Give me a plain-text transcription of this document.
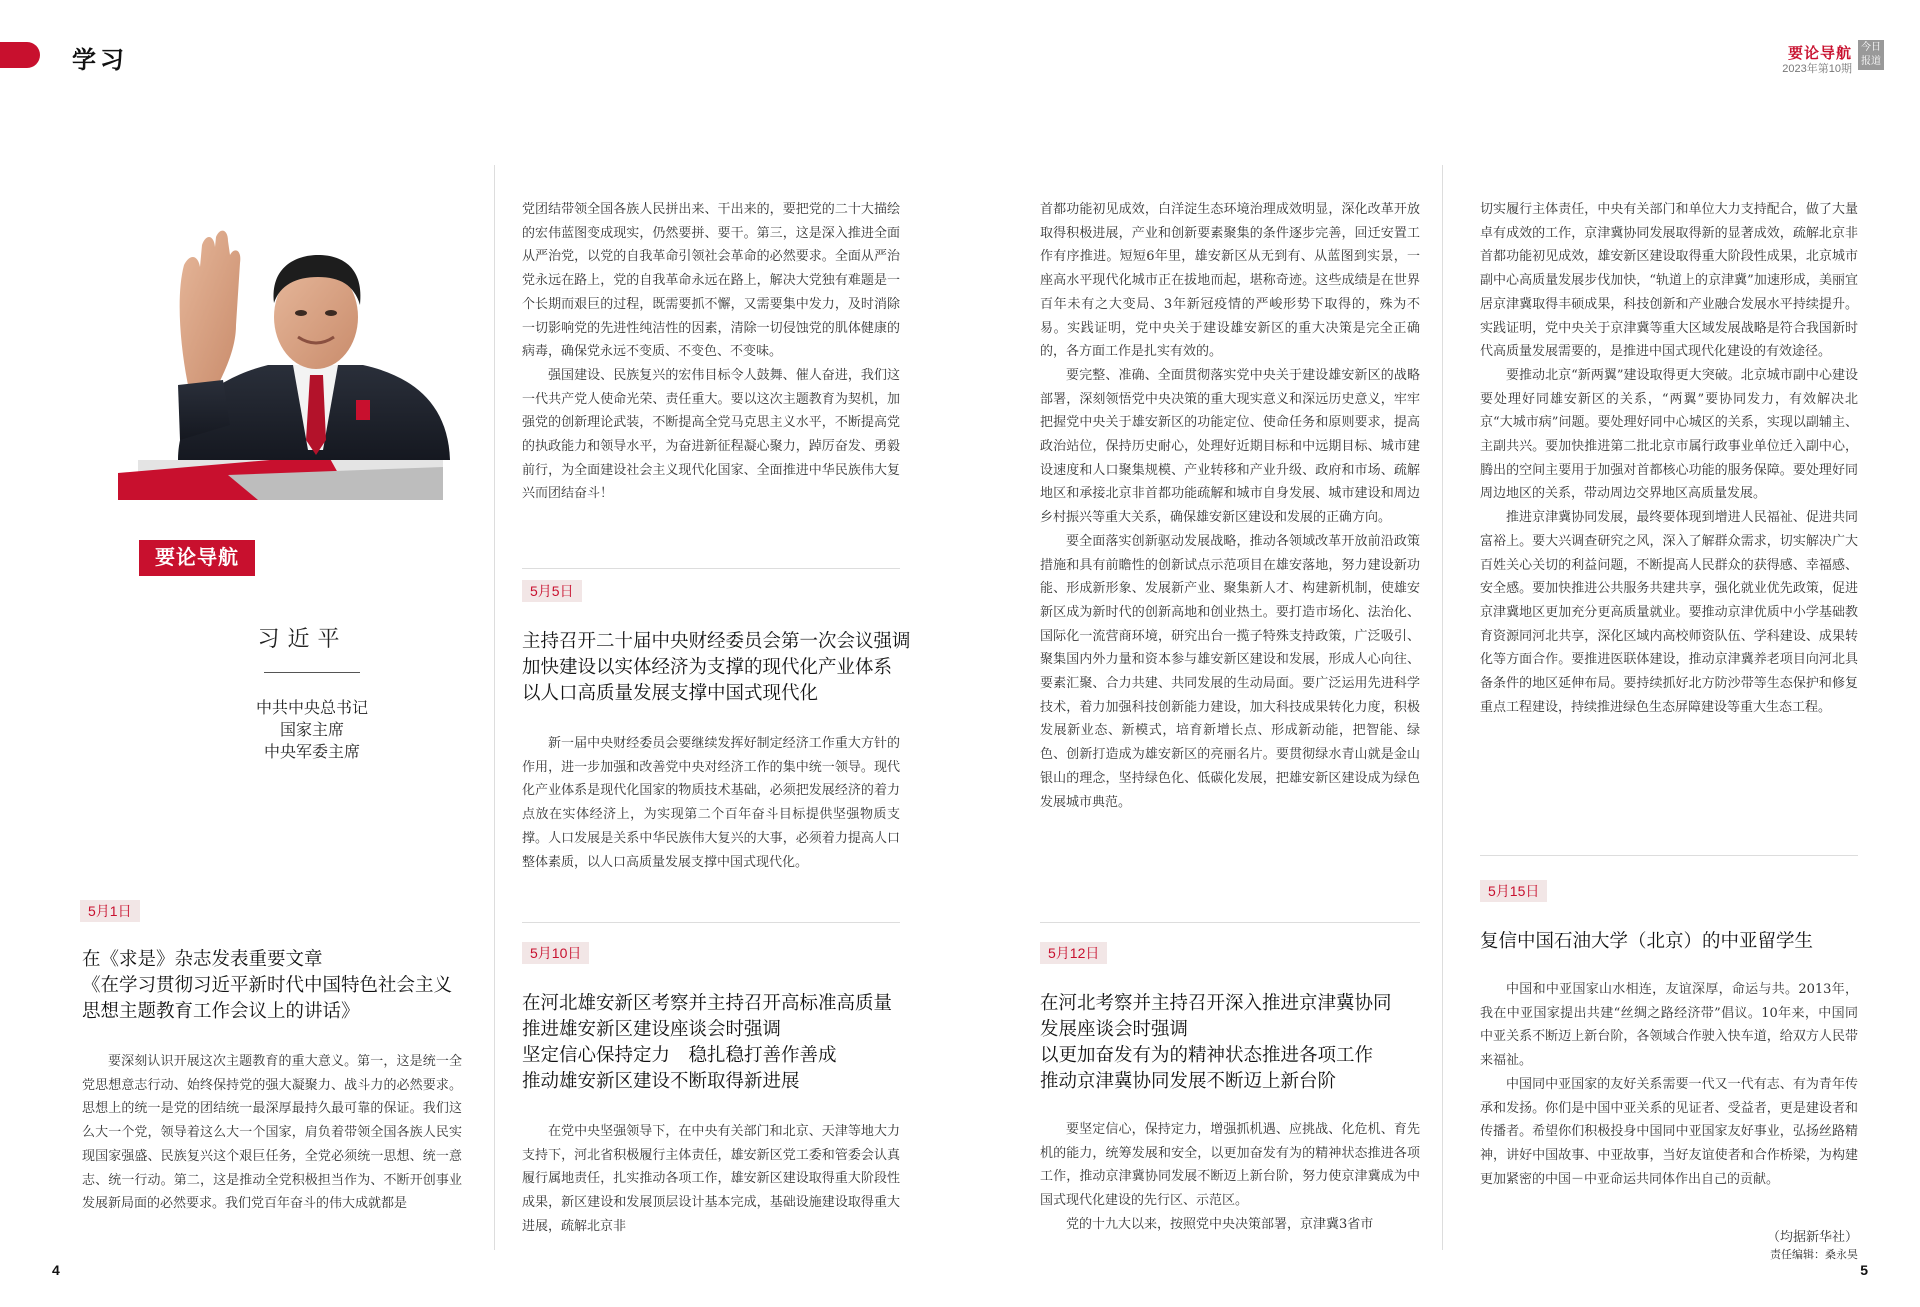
学习	要论导航
2023年第10期
今日报道
要论导航
习近平
中共中央总书记
国家主席
中央军委主席
5月1日
在《求是》杂志发表重要文章
《在学习贯彻习近平新时代中国特色社会主义
思想主题教育工作会议上的讲话》

要深刻认识开展这次主题教育的重大意义。第一，这是统一全党思想意志行动、始终保持党的强大凝聚力、战斗力的必然要求。思想上的统一是党的团结统一最深厚最持久最可靠的保证。我们这么大一个党，领导着这么大一个国家，肩负着带领全国各族人民实现国家强盛、民族复兴这个艰巨任务，全党必须统一思想、统一意志、统一行动。第二，这是推动全党积极担当作为、不断开创事业发展新局面的必然要求。我们党百年奋斗的伟大成就都是

党团结带领全国各族人民拼出来、干出来的，要把党的二十大描绘的宏伟蓝图变成现实，仍然要拼、要干。第三，这是深入推进全面从严治党，以党的自我革命引领社会革命的必然要求。全面从严治党永远在路上，党的自我革命永远在路上，解决大党独有难题是一个长期而艰巨的过程，既需要抓不懈，又需要集中发力，及时消除一切影响党的先进性纯洁性的因素，清除一切侵蚀党的肌体健康的病毒，确保党永远不变质、不变色、不变味。

强国建设、民族复兴的宏伟目标令人鼓舞、催人奋进，我们这一代共产党人使命光荣、责任重大。要以这次主题教育为契机，加强党的创新理论武装，不断提高全党马克思主义水平，不断提高党的执政能力和领导水平，为奋进新征程凝心聚力，踔厉奋发、勇毅前行，为全面建设社会主义现代化国家、全面推进中华民族伟大复兴而团结奋斗！

5月5日
主持召开二十届中央财经委员会第一次会议强调
加快建设以实体经济为支撑的现代化产业体系
以人口高质量发展支撑中国式现代化

新一届中央财经委员会要继续发挥好制定经济工作重大方针的作用，进一步加强和改善党中央对经济工作的集中统一领导。现代化产业体系是现代化国家的物质技术基础，必须把发展经济的着力点放在实体经济上，为实现第二个百年奋斗目标提供坚强物质支撑。人口发展是关系中华民族伟大复兴的大事，必须着力提高人口整体素质，以人口高质量发展支撑中国式现代化。

5月10日
在河北雄安新区考察并主持召开高标准高质量
推进雄安新区建设座谈会时强调
坚定信心保持定力　稳扎稳打善作善成
推动雄安新区建设不断取得新进展

在党中央坚强领导下，在中央有关部门和北京、天津等地大力支持下，河北省积极履行主体责任，雄安新区党工委和管委会认真履行属地责任，扎实推动各项工作，雄安新区建设取得重大阶段性成果，新区建设和发展顶层设计基本完成，基础设施建设取得重大进展，疏解北京非

首都功能初见成效，白洋淀生态环境治理成效明显，深化改革开放取得积极进展，产业和创新要素聚集的条件逐步完善，回迁安置工作有序推进。短短6年里，雄安新区从无到有、从蓝图到实景，一座高水平现代化城市正在拔地而起，堪称奇迹。这些成绩是在世界百年未有之大变局、3年新冠疫情的严峻形势下取得的，殊为不易。实践证明，党中央关于建设雄安新区的重大决策是完全正确的，各方面工作是扎实有效的。

要完整、准确、全面贯彻落实党中央关于建设雄安新区的战略部署，深刻领悟党中央决策的重大现实意义和深远历史意义，牢牢把握党中央关于雄安新区的功能定位、使命任务和原则要求，提高政治站位，保持历史耐心，处理好近期目标和中远期目标、城市建设速度和人口聚集规模、产业转移和产业升级、政府和市场、疏解地区和承接北京非首都功能疏解和城市自身发展、城市建设和周边乡村振兴等重大关系，确保雄安新区建设和发展的正确方向。

要全面落实创新驱动发展战略，推动各领域改革开放前沿政策措施和具有前瞻性的创新试点示范项目在雄安落地，努力建设新功能、形成新形象、发展新产业、聚集新人才、构建新机制，使雄安新区成为新时代的创新高地和创业热土。要打造市场化、法治化、国际化一流营商环境，研究出台一揽子特殊支持政策，广泛吸引、聚集国内外力量和资本参与雄安新区建设和发展，形成人心向往、要素汇聚、合力共建、共同发展的生动局面。要广泛运用先进科学技术，着力加强科技创新能力建设，加大科技成果转化力度，积极发展新业态、新模式，培育新增长点、形成新动能，把智能、绿色、创新打造成为雄安新区的亮丽名片。要贯彻绿水青山就是金山银山的理念，坚持绿色化、低碳化发展，把雄安新区建设成为绿色发展城市典范。

5月12日
在河北考察并主持召开深入推进京津冀协同
发展座谈会时强调
以更加奋发有为的精神状态推进各项工作
推动京津冀协同发展不断迈上新台阶

要坚定信心，保持定力，增强抓机遇、应挑战、化危机、育先机的能力，统筹发展和安全，以更加奋发有为的精神状态推进各项工作，推动京津冀协同发展不断迈上新台阶，努力使京津冀成为中国式现代化建设的先行区、示范区。

党的十九大以来，按照党中央决策部署，京津冀3省市

切实履行主体责任，中央有关部门和单位大力支持配合，做了大量卓有成效的工作，京津冀协同发展取得新的显著成效，疏解北京非首都功能初见成效，雄安新区建设取得重大阶段性成果，北京城市副中心高质量发展步伐加快，“轨道上的京津冀”加速形成，美丽宜居京津冀取得丰硕成果，科技创新和产业融合发展水平持续提升。实践证明，党中央关于京津冀等重大区域发展战略是符合我国新时代高质量发展需要的，是推进中国式现代化建设的有效途径。

要推动北京“新两翼”建设取得更大突破。北京城市副中心建设要处理好同雄安新区的关系，“两翼”要协同发力，有效解决北京“大城市病”问题。要处理好同中心城区的关系，实现以副辅主、主副共兴。要加快推进第二批北京市属行政事业单位迁入副中心，腾出的空间主要用于加强对首都核心功能的服务保障。要处理好同周边地区的关系，带动周边交界地区高质量发展。

推进京津冀协同发展，最终要体现到增进人民福祉、促进共同富裕上。要大兴调查研究之风，深入了解群众需求，切实解决广大百姓关心关切的利益问题，不断提高人民群众的获得感、幸福感、安全感。要加快推进公共服务共建共享，强化就业优先政策，促进京津冀地区更加充分更高质量就业。要推动京津优质中小学基础教育资源同河北共享，深化区域内高校师资队伍、学科建设、成果转化等方面合作。要推进医联体建设，推动京津冀养老项目向河北具备条件的地区延伸布局。要持续抓好北方防沙带等生态保护和修复重点工程建设，持续推进绿色生态屏障建设等重大生态工程。

5月15日
复信中国石油大学（北京）的中亚留学生

中国和中亚国家山水相连，友谊深厚，命运与共。2013年，我在中亚国家提出共建“丝绸之路经济带”倡议。10年来，中国同中亚关系不断迈上新台阶，各领域合作驶入快车道，给双方人民带来福祉。

中国同中亚国家的友好关系需要一代又一代有志、有为青年传承和发扬。你们是中国中亚关系的见证者、受益者，更是建设者和传播者。希望你们积极投身中国同中亚国家友好事业，弘扬丝路精神，讲好中国故事、中亚故事，当好友谊使者和合作桥梁，为构建更加紧密的中国－中亚命运共同体作出自己的贡献。

（均据新华社）
责任编辑：桑永昊
4	5
